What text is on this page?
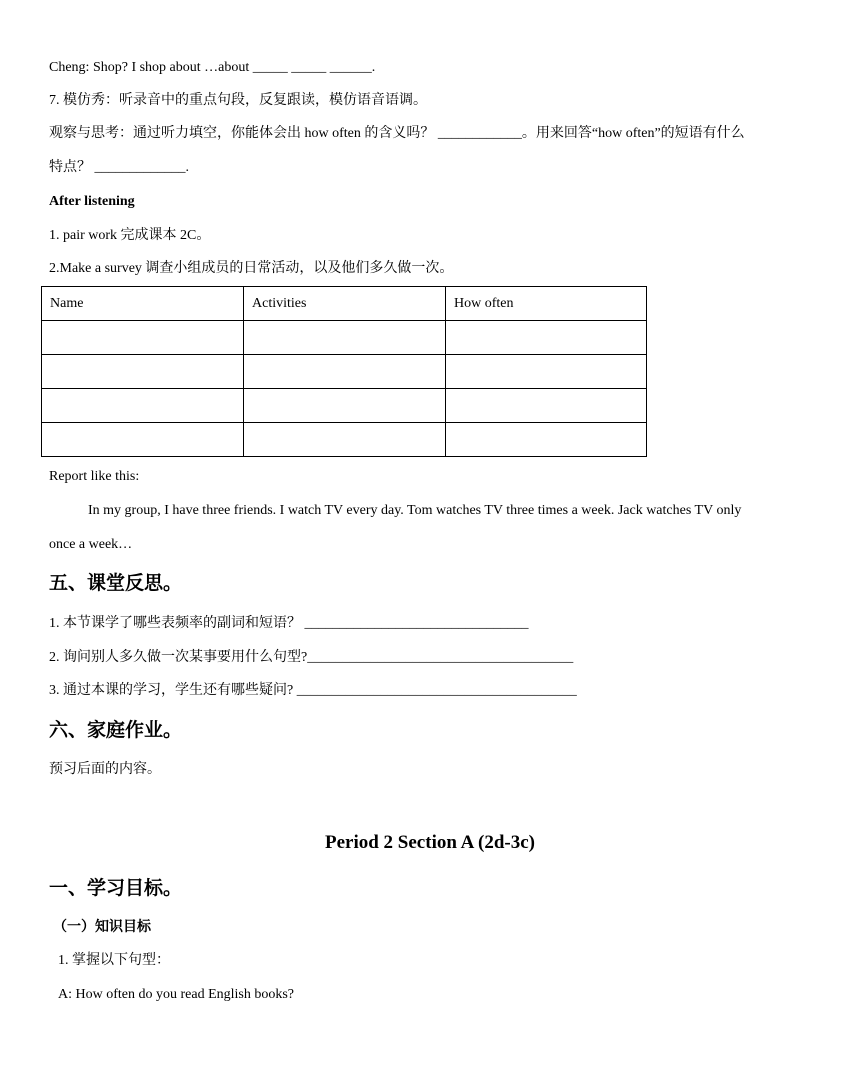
Cheng: Shop? I shop about …about _____ _____ ______.
7. 模仿秀：听录音中的重点句段，反复跟读，模仿语音语调。
观察与思考：通过听力填空，你能体会出 how often 的含义吗？ ____________。用来回答“how often”的短语有什么
特点？ _____________.
After listening
1. pair work 完成课本 2C。
2.Make a survey 调查小组成员的日常活动，以及他们多久做一次。
Name	Activities	How often

Report like this:
In my group, I have three friends. I watch TV every day. Tom watches TV three times a week. Jack watches TV only
once a week…
五、课堂反思。
1. 本节课学了哪些表频率的副词和短语？ ________________________________
2. 询问别人多久做一次某事要用什么句型?______________________________________
3. 通过本课的学习，学生还有哪些疑问? ________________________________________
六、家庭作业。
预习后面的内容。
Period 2 Section A (2d-3c)
一、学习目标。
（一）知识目标
1. 掌握以下句型：
A: How often do you read English books?
